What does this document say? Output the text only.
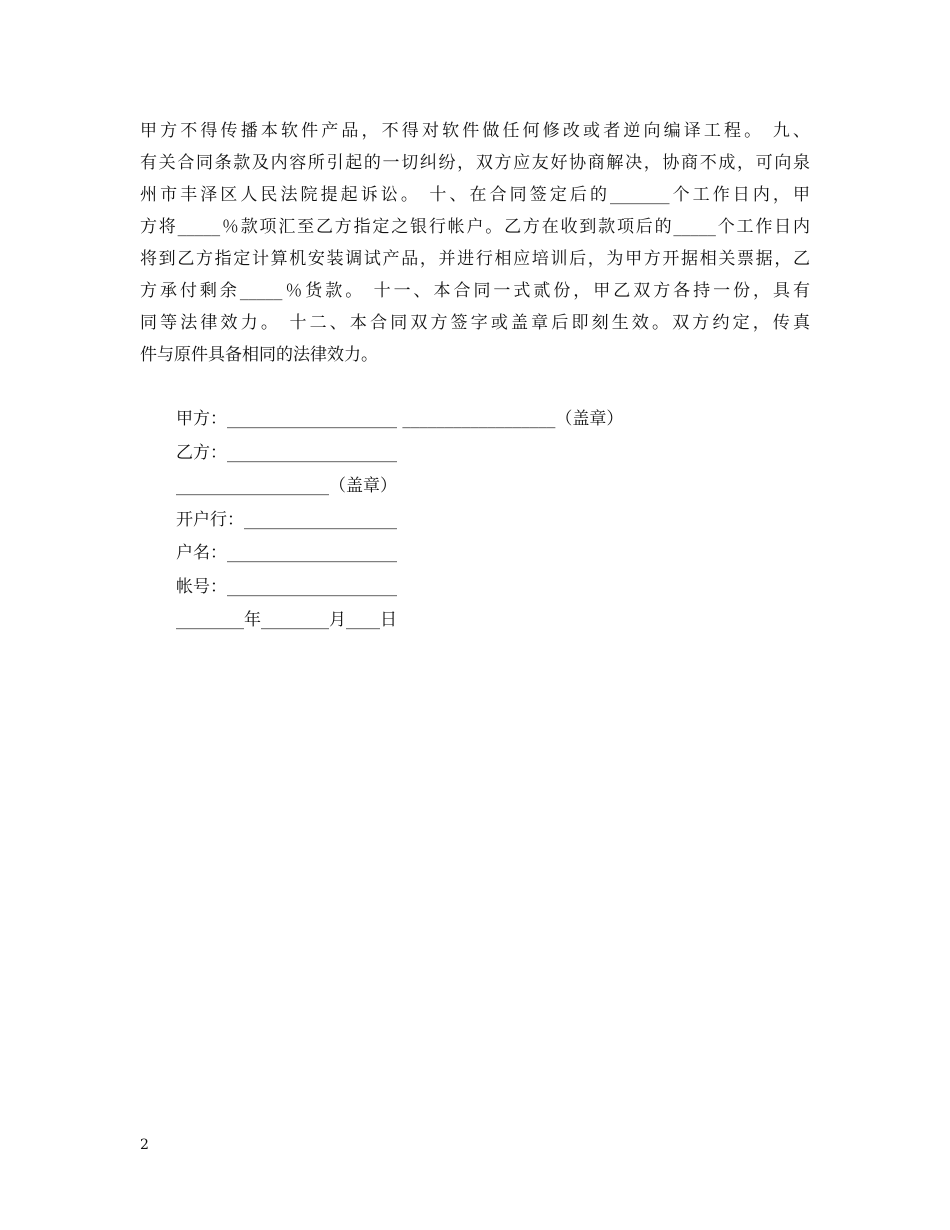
甲方不得传播本软件产品，不得对软件做任何修改或者逆向编译工程。 九、
有关合同条款及内容所引起的一切纠纷，双方应友好协商解决，协商不成，可向泉
州市丰泽区人民法院提起诉讼。 十、在合同签定后的_______个工作日内，甲
方将_____％款项汇至乙方指定之银行帐户。乙方在收到款项后的_____个工作日内
将到乙方指定计算机安装调试产品，并进行相应培训后，为甲方开据相关票据，乙
方承付剩余_____％货款。 十一、本合同一式贰份，甲乙双方各持一份，具有
同等法律效力。 十二、本合同双方签字或盖章后即刻生效。双方约定，传真
件与原件具备相同的法律效力。
甲方：____________________ __________________（盖章）
乙方：____________________
__________________（盖章）
开户行：__________________
户名：____________________
帐号：____________________
________年________月____日
2
